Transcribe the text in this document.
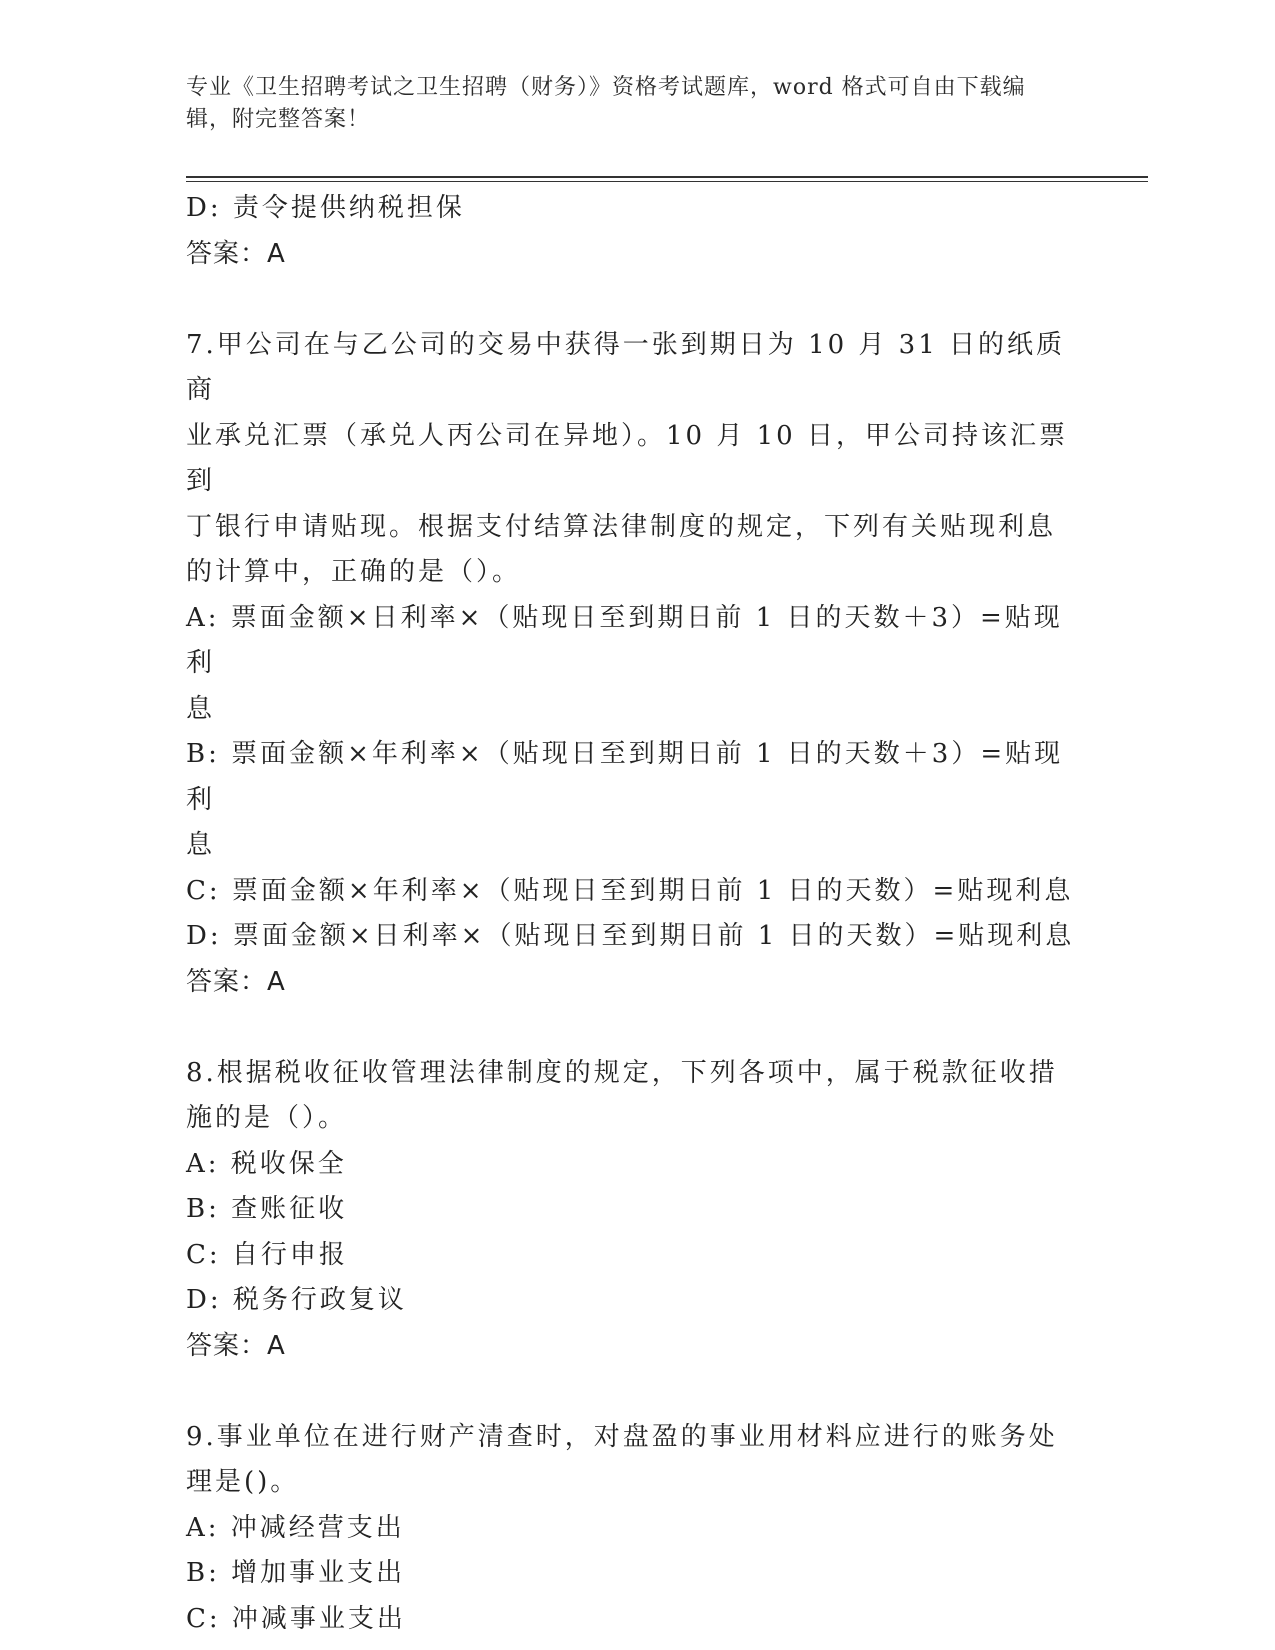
专业《卫生招聘考试之卫生招聘（财务）》资格考试题库，word 格式可自由下载编辑，附完整答案！
D: 责令提供纳税担保
答案：A
7.甲公司在与乙公司的交易中获得一张到期日为 10 月 31 日的纸质商
业承兑汇票（承兑人丙公司在异地）。10 月 10 日，甲公司持该汇票到
丁银行申请贴现。根据支付结算法律制度的规定，下列有关贴现利息
的计算中，正确的是（）。
A: 票面金额×日利率×（贴现日至到期日前 1 日的天数＋3）=贴现利
息
B: 票面金额×年利率×（贴现日至到期日前 1 日的天数＋3）=贴现利
息
C: 票面金额×年利率×（贴现日至到期日前 1 日的天数）=贴现利息
D: 票面金额×日利率×（贴现日至到期日前 1 日的天数）=贴现利息
答案：A
8.根据税收征收管理法律制度的规定，下列各项中，属于税款征收措
施的是（）。
A: 税收保全
B: 查账征收
C: 自行申报
D: 税务行政复议
答案：A
9.事业单位在进行财产清查时，对盘盈的事业用材料应进行的账务处
理是()。
A: 冲减经营支出
B: 增加事业支出
C: 冲减事业支出
